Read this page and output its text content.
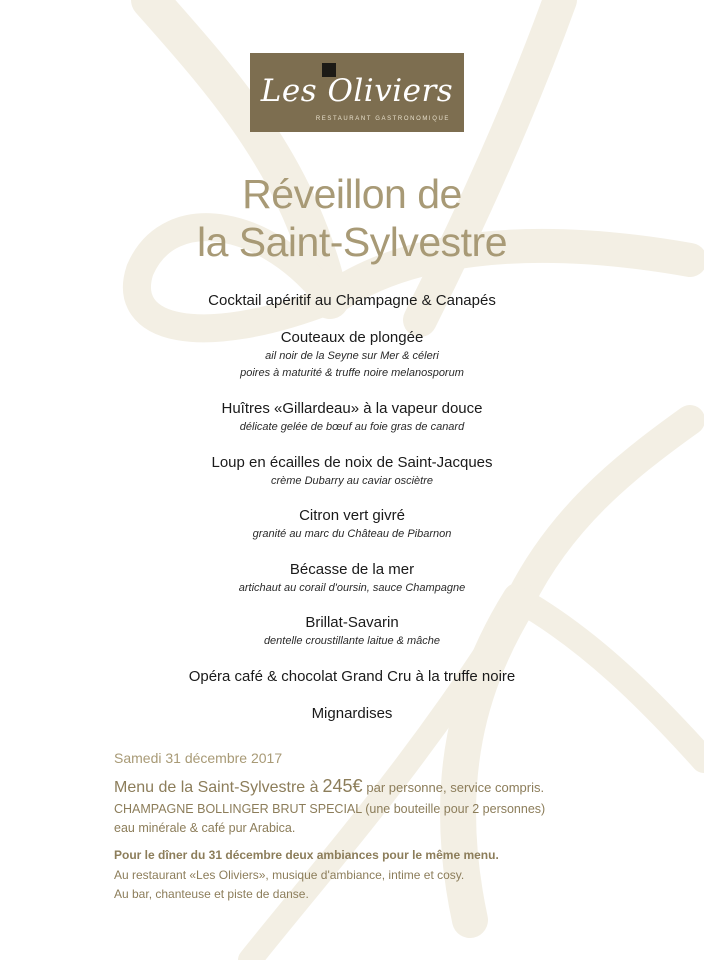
Les Oliviers
RESTAURANT GASTRONOMIQUE
Réveillon de
la Saint-Sylvestre
Cocktail apéritif au Champagne & Canapés
Couteaux de plongée
ail noir de la Seyne sur Mer & céleri
poires à maturité & truffe noire melanosporum
Huîtres «Gillardeau» à la vapeur douce
délicate gelée de bœuf au foie gras de canard
Loup en écailles de noix de Saint-Jacques
crème Dubarry au caviar osciètre
Citron vert givré
granité au marc du Château de Pibarnon
Bécasse de la mer
artichaut au corail d'oursin, sauce Champagne
Brillat-Savarin
dentelle croustillante laitue & mâche
Opéra café & chocolat Grand Cru à la truffe noire
Mignardises
Samedi 31 décembre 2017
Menu de la Saint-Sylvestre à 245€ par personne, service compris.
CHAMPAGNE BOLLINGER BRUT SPECIAL (une bouteille pour 2 personnes)
eau minérale & café pur Arabica.
Pour le dîner du 31 décembre deux ambiances pour le même menu.
Au restaurant «Les Oliviers», musique d'ambiance, intime et cosy.
Au bar, chanteuse et piste de danse.
